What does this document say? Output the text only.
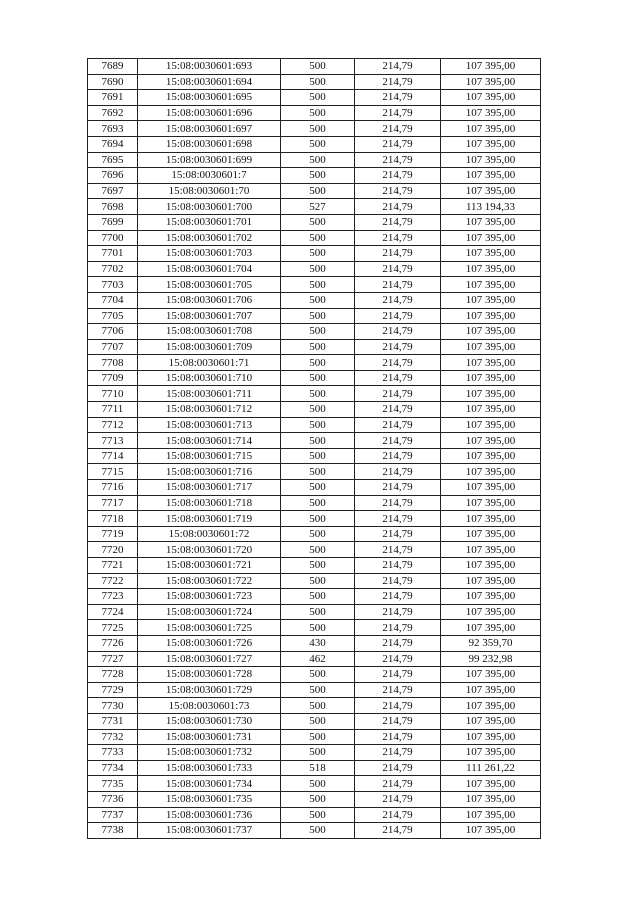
7689	15:08:0030601:693	500	214,79	107 395,00
7690	15:08:0030601:694	500	214,79	107 395,00
7691	15:08:0030601:695	500	214,79	107 395,00
7692	15:08:0030601:696	500	214,79	107 395,00
7693	15:08:0030601:697	500	214,79	107 395,00
7694	15:08:0030601:698	500	214,79	107 395,00
7695	15:08:0030601:699	500	214,79	107 395,00
7696	15:08:0030601:7	500	214,79	107 395,00
7697	15:08:0030601:70	500	214,79	107 395,00
7698	15:08:0030601:700	527	214,79	113 194,33
7699	15:08:0030601:701	500	214,79	107 395,00
7700	15:08:0030601:702	500	214,79	107 395,00
7701	15:08:0030601:703	500	214,79	107 395,00
7702	15:08:0030601:704	500	214,79	107 395,00
7703	15:08:0030601:705	500	214,79	107 395,00
7704	15:08:0030601:706	500	214,79	107 395,00
7705	15:08:0030601:707	500	214,79	107 395,00
7706	15:08:0030601:708	500	214,79	107 395,00
7707	15:08:0030601:709	500	214,79	107 395,00
7708	15:08:0030601:71	500	214,79	107 395,00
7709	15:08:0030601:710	500	214,79	107 395,00
7710	15:08:0030601:711	500	214,79	107 395,00
7711	15:08:0030601:712	500	214,79	107 395,00
7712	15:08:0030601:713	500	214,79	107 395,00
7713	15:08:0030601:714	500	214,79	107 395,00
7714	15:08:0030601:715	500	214,79	107 395,00
7715	15:08:0030601:716	500	214,79	107 395,00
7716	15:08:0030601:717	500	214,79	107 395,00
7717	15:08:0030601:718	500	214,79	107 395,00
7718	15:08:0030601:719	500	214,79	107 395,00
7719	15:08:0030601:72	500	214,79	107 395,00
7720	15:08:0030601:720	500	214,79	107 395,00
7721	15:08:0030601:721	500	214,79	107 395,00
7722	15:08:0030601:722	500	214,79	107 395,00
7723	15:08:0030601:723	500	214,79	107 395,00
7724	15:08:0030601:724	500	214,79	107 395,00
7725	15:08:0030601:725	500	214,79	107 395,00
7726	15:08:0030601:726	430	214,79	92 359,70
7727	15:08:0030601:727	462	214,79	99 232,98
7728	15:08:0030601:728	500	214,79	107 395,00
7729	15:08:0030601:729	500	214,79	107 395,00
7730	15:08:0030601:73	500	214,79	107 395,00
7731	15:08:0030601:730	500	214,79	107 395,00
7732	15:08:0030601:731	500	214,79	107 395,00
7733	15:08:0030601:732	500	214,79	107 395,00
7734	15:08:0030601:733	518	214,79	111 261,22
7735	15:08:0030601:734	500	214,79	107 395,00
7736	15:08:0030601:735	500	214,79	107 395,00
7737	15:08:0030601:736	500	214,79	107 395,00
7738	15:08:0030601:737	500	214,79	107 395,00
